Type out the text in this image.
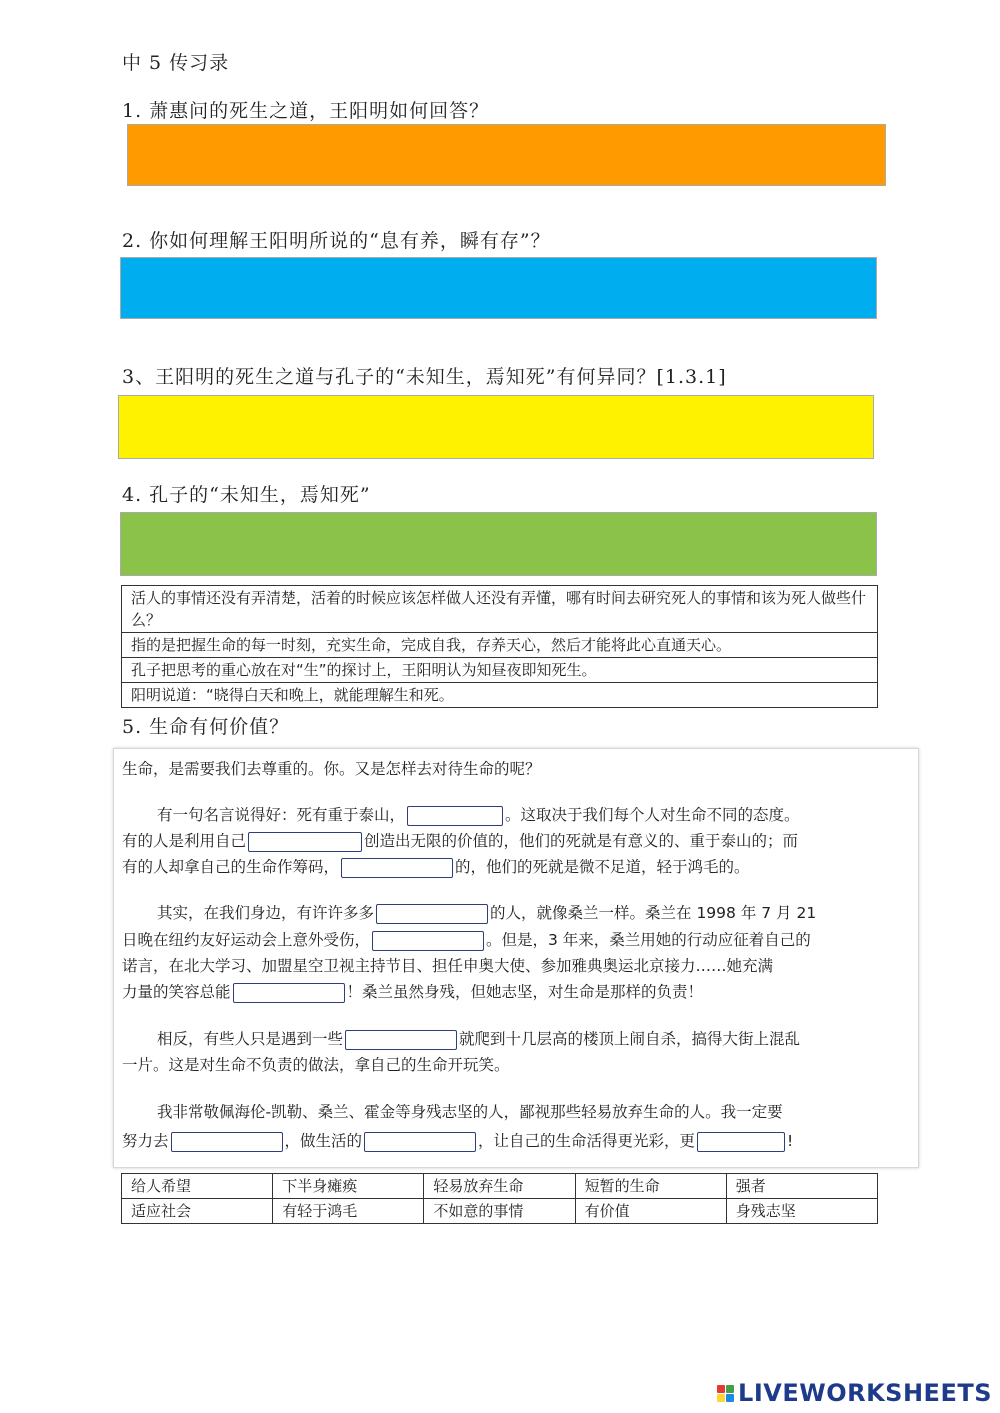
中 5 传习录
1. 萧惠问的死生之道，王阳明如何回答？
2. 你如何理解王阳明所说的“息有养，瞬有存”？
3、王阳明的死生之道与孔子的“未知生，焉知死”有何异同？[1.3.1]
4. 孔子的“未知生，焉知死”
活人的事情还没有弄清楚，活着的时候应该怎样做人还没有弄懂，哪有时间去研究死人的事情和该为死人做些什么？
指的是把握生命的每一时刻，充实生命，完成自我，存养天心，然后才能将此心直通天心。
孔子把思考的重心放在对“生”的探讨上，王阳明认为知昼夜即知死生。
阳明说道：“晓得白天和晚上，就能理解生和死。
5. 生命有何价值？
生命，是需要我们去尊重的。你。又是怎样去对待生命的呢？
有一句名言说得好：死有重于泰山，	。这取决于我们每个人对生命不同的态度。
有的人是利用自己	创造出无限的价值的，他们的死就是有意义的、重于泰山的；而
有的人却拿自己的生命作筹码，	的，他们的死就是微不足道，轻于鸿毛的。
其实，在我们身边，有许许多多	的人，就像桑兰一样。桑兰在 1998 年 7 月 21
日晚在纽约友好运动会上意外受伤，	。但是，3 年来，桑兰用她的行动应征着自己的
诺言，在北大学习、加盟星空卫视主持节目、担任申奥大使、参加雅典奥运北京接力……她充满
力量的笑容总能	！桑兰虽然身残，但她志坚，对生命是那样的负责！
相反，有些人只是遇到一些	就爬到十几层高的楼顶上闹自杀，搞得大街上混乱
一片。这是对生命不负责的做法，拿自己的生命开玩笑。
我非常敬佩海伦-凯勒、桑兰、霍金等身残志坚的人，鄙视那些轻易放弃生命的人。我一定要
努力去	，做生活的	，让自己的生命活得更光彩，更	!
给人希望	下半身瘫痪	轻易放弃生命	短暂的生命	强者
适应社会	有轻于鸿毛	不如意的事情	有价值	身残志坚
LIVEWORKSHEETS
